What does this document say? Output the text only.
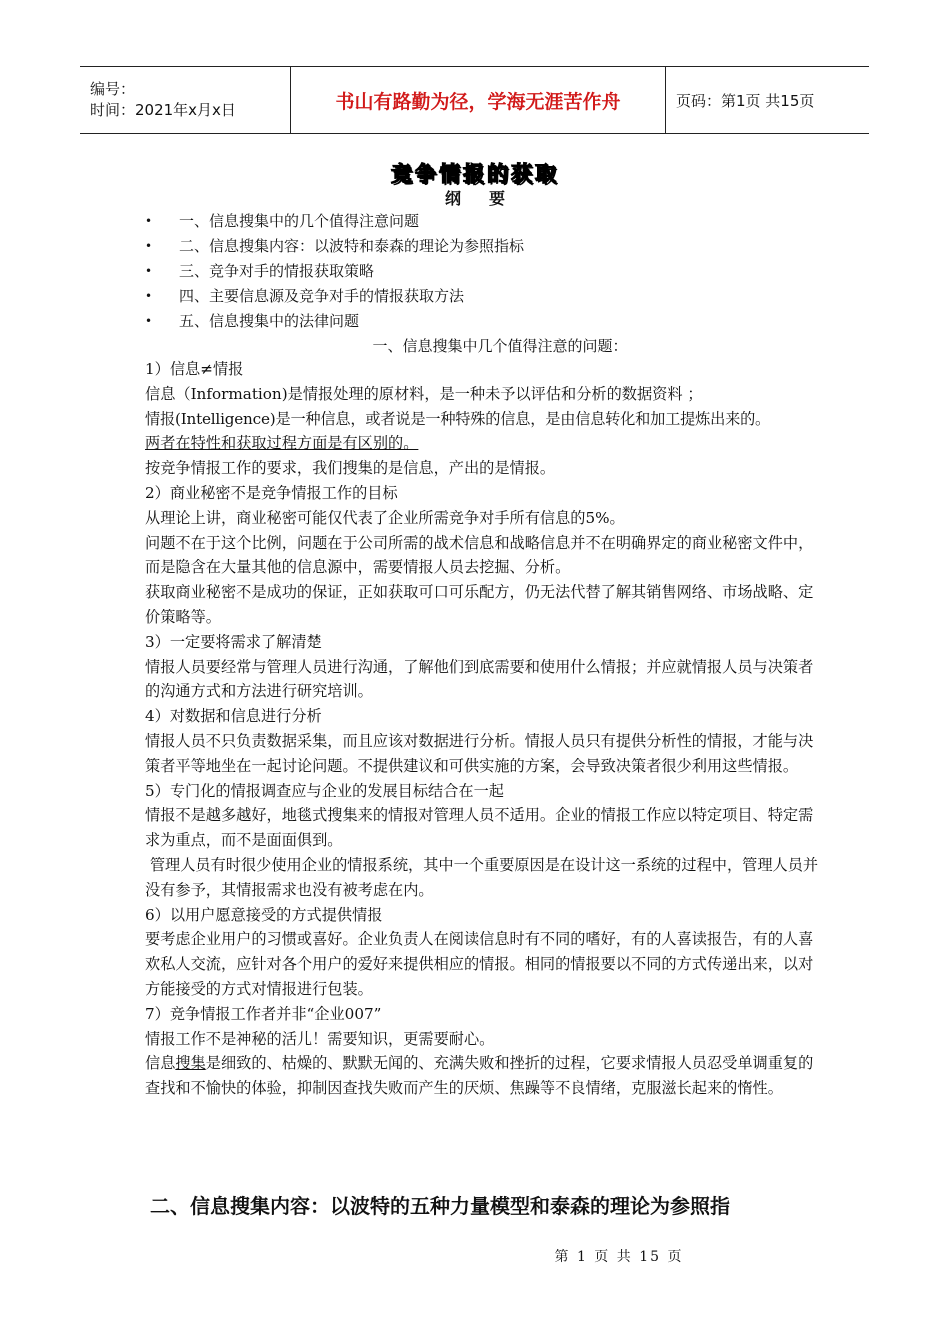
编号：
时间：2021年x月x日	书山有路勤为径，学海无涯苦作舟	页码：第1页 共15页
竞争情报的获取
纲要
• 一、信息搜集中的几个值得注意问题
• 二、信息搜集内容：以波特和泰森的理论为参照指标
• 三、竞争对手的情报获取策略
• 四、主要信息源及竞争对手的情报获取方法
• 五、信息搜集中的法律问题
一、信息搜集中几个值得注意的问题：

1）信息≠情报

信息（Information)是情报处理的原材料，是一种未予以评估和分析的数据资料 ；

情报(Intelligence)是一种信息，或者说是一种特殊的信息，是由信息转化和加工提炼出来的。

两者在特性和获取过程方面是有区别的。

按竞争情报工作的要求，我们搜集的是信息，产出的是情报。

2）商业秘密不是竞争情报工作的目标

从理论上讲，商业秘密可能仅代表了企业所需竞争对手所有信息的5%。

问题不在于这个比例，问题在于公司所需的战术信息和战略信息并不在明确界定的商业秘密文件中，而是隐含在大量其他的信息源中，需要情报人员去挖掘、分析。

获取商业秘密不是成功的保证，正如获取可口可乐配方，仍无法代替了解其销售网络、市场战略、定价策略等。

3）一定要将需求了解清楚

情报人员要经常与管理人员进行沟通，了解他们到底需要和使用什么情报；并应就情报人员与决策者的沟通方式和方法进行研究培训。

4）对数据和信息进行分析

情报人员不只负责数据采集，而且应该对数据进行分析。情报人员只有提供分析性的情报，才能与决策者平等地坐在一起讨论问题。不提供建议和可供实施的方案，会导致决策者很少利用这些情报。

5）专门化的情报调查应与企业的发展目标结合在一起

情报不是越多越好，地毯式搜集来的情报对管理人员不适用。企业的情报工作应以特定项目、特定需求为重点，而不是面面俱到。

管理人员有时很少使用企业的情报系统，其中一个重要原因是在设计这一系统的过程中，管理人员并没有参予，其情报需求也没有被考虑在内。

6）以用户愿意接受的方式提供情报

要考虑企业用户的习惯或喜好。企业负责人在阅读信息时有不同的嗜好，有的人喜读报告，有的人喜欢私人交流，应针对各个用户的爱好来提供相应的情报。相同的情报要以不同的方式传递出来，以对方能接受的方式对情报进行包装。

7）竞争情报工作者并非“企业007”

情报工作不是神秘的活儿！需要知识，更需要耐心。

信息搜集是细致的、枯燥的、默默无闻的、充满失败和挫折的过程，它要求情报人员忍受单调重复的查找和不愉快的体验，抑制因查找失败而产生的厌烦、焦躁等不良情绪，克服滋长起来的惰性。

二、信息搜集内容：以波特的五种力量模型和泰森的理论为参照指
第 1 页 共 15 页
